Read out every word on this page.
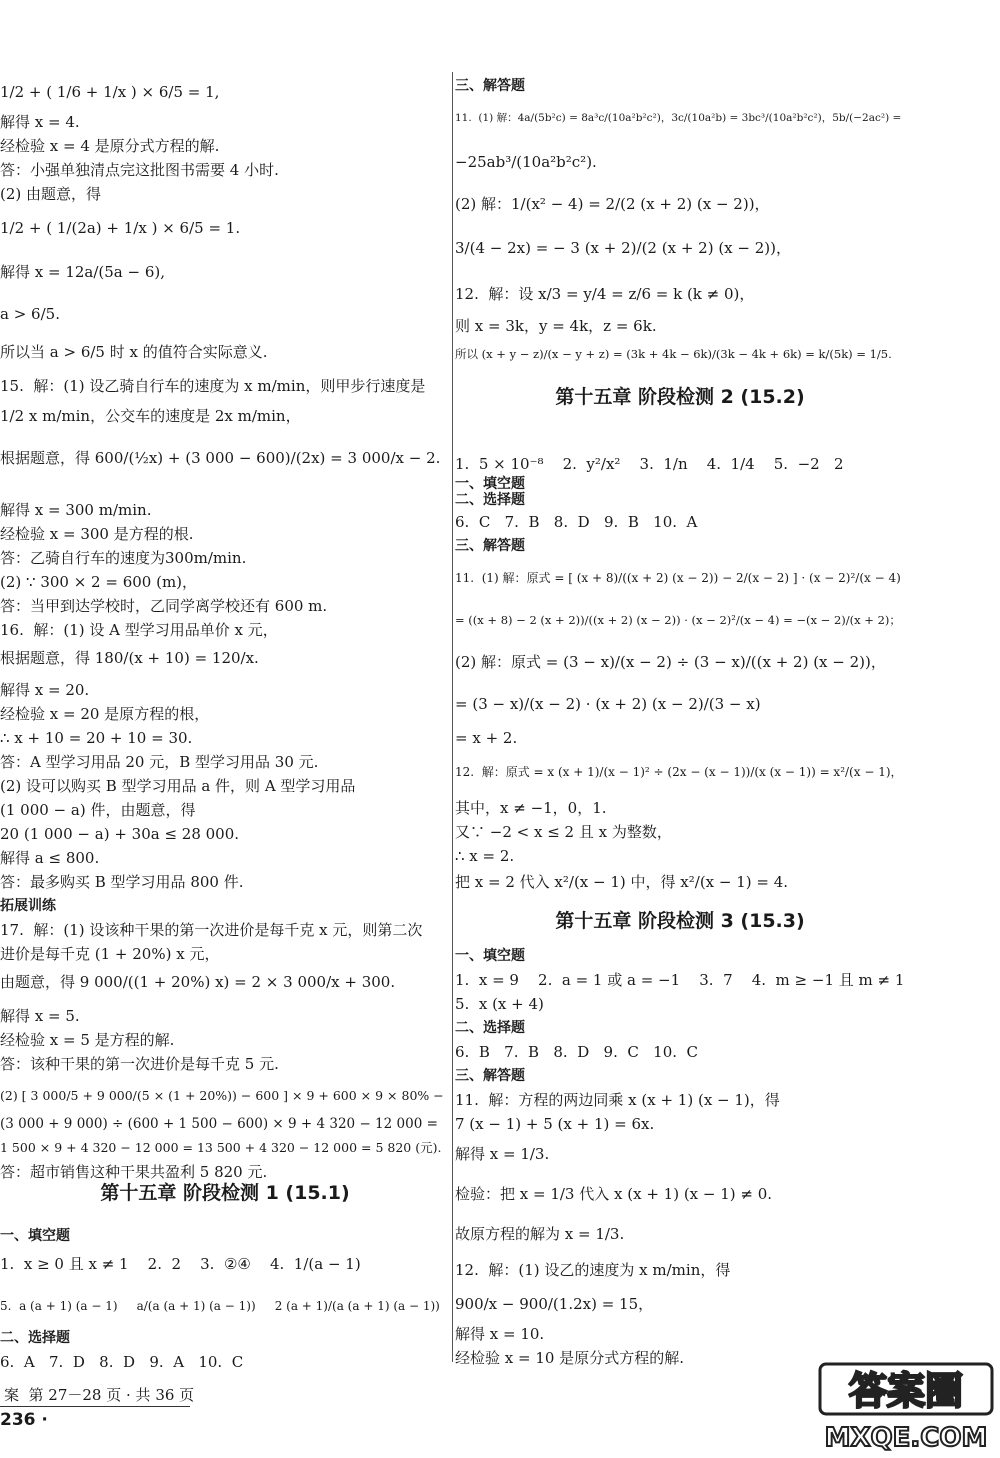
1/2 + ( 1/6 + 1/x ) × 6/5 = 1,
解得 x = 4.
经检验 x = 4 是原分式方程的解.
答：小强单独清点完这批图书需要 4 小时.
(2) 由题意，得
1/2 + ( 1/(2a) + 1/x ) × 6/5 = 1.
解得 x = 12a/(5a − 6),
a > 6/5.
所以当 a > 6/5 时 x 的值符合实际意义.
15.  解：(1) 设乙骑自行车的速度为 x m/min，则甲步行速度是
1/2 x m/min，公交车的速度是 2x m/min，
根据题意，得 600/(½x) + (3 000 − 600)/(2x) = 3 000/x − 2.
解得 x = 300 m/min.
经检验 x = 300 是方程的根.
答：乙骑自行车的速度为300m/min.
(2) ∵ 300 × 2 = 600 (m)，
答：当甲到达学校时，乙同学离学校还有 600 m.
16.  解：(1) 设 A 型学习用品单价 x 元，
根据题意，得 180/(x + 10) = 120/x.
解得 x = 20.
经检验 x = 20 是原方程的根，
∴ x + 10 = 20 + 10 = 30.
答：A 型学习用品 20 元，B 型学习用品 30 元.
(2) 设可以购买 B 型学习用品 a 件，则 A 型学习用品
(1 000 − a) 件，由题意，得
20 (1 000 − a) + 30a ≤ 28 000.
解得 a ≤ 800.
答：最多购买 B 型学习用品 800 件.
拓展训练
17.  解：(1) 设该种干果的第一次进价是每千克 x 元，则第二次
进价是每千克 (1 + 20%) x 元，
由题意，得 9 000/((1 + 20%) x) = 2 × 3 000/x + 300.
解得 x = 5.
经检验 x = 5 是方程的解.
答：该种干果的第一次进价是每千克 5 元.
(2) [ 3 000/5 + 9 000/(5 × (1 + 20%)) − 600 ] × 9 + 600 × 9 × 80% −
(3 000 + 9 000) ÷ (600 + 1 500 − 600) × 9 + 4 320 − 12 000 =
1 500 × 9 + 4 320 − 12 000 = 13 500 + 4 320 − 12 000 = 5 820 (元).
答：超市销售这种干果共盈利 5 820 元.
一、填空题
1.  x ≥ 0 且 x ≠ 1    2.  2    3.  ②④    4.  1/(a − 1)
5.  a (a + 1) (a − 1)     a/(a (a + 1) (a − 1))     2 (a + 1)/(a (a + 1) (a − 1))
二、选择题
6.  A   7.  D   8.  D   9.  A   10.  C
第十五章 阶段检测 1 (15.1)
三、解答题
11.  (1) 解：4a/(5b²c) = 8a³c/(10a²b²c²)，3c/(10a²b) = 3bc³/(10a²b²c²)，5b/(−2ac²) =
−25ab³/(10a²b²c²).
(2) 解：1/(x² − 4) = 2/(2 (x + 2) (x − 2))，
3/(4 − 2x) = − 3 (x + 2)/(2 (x + 2) (x − 2))，
12.  解：设 x/3 = y/4 = z/6 = k (k ≠ 0)，
则 x = 3k，y = 4k，z = 6k.
所以 (x + y − z)/(x − y + z) = (3k + 4k − 6k)/(3k − 4k + 6k) = k/(5k) = 1/5.
一、填空题
1.  5 × 10⁻⁸    2.  y²/x²    3.  1/n    4.  1/4    5.  −2   2
二、选择题
6.  C   7.  B   8.  D   9.  B   10.  A
三、解答题
11.  (1) 解：原式 = [ (x + 8)/((x + 2) (x − 2)) − 2/(x − 2) ] · (x − 2)²/(x − 4)
= ((x + 8) − 2 (x + 2))/((x + 2) (x − 2)) · (x − 2)²/(x − 4) = −(x − 2)/(x + 2)；
(2) 解：原式 = (3 − x)/(x − 2) ÷ (3 − x)/((x + 2) (x − 2))，
= (3 − x)/(x − 2) · (x + 2) (x − 2)/(3 − x)
= x + 2.
12.  解：原式 = x (x + 1)/(x − 1)² ÷ (2x − (x − 1))/(x (x − 1)) = x²/(x − 1)，
其中，x ≠ −1，0，1.
又∵ −2 < x ≤ 2 且 x 为整数，
∴ x = 2.
把 x = 2 代入 x²/(x − 1) 中，得 x²/(x − 1) = 4.
一、填空题
1.  x = 9    2.  a = 1 或 a = −1    3.  7    4.  m ≥ −1 且 m ≠ 1
5.  x (x + 4)
二、选择题
6.  B   7.  B   8.  D   9.  C   10.  C
三、解答题
11.  解：方程的两边同乘 x (x + 1) (x − 1)，得
7 (x − 1) + 5 (x + 1) = 6x.
解得 x = 1/3.
检验：把 x = 1/3 代入 x (x + 1) (x − 1) ≠ 0.
故原方程的解为 x = 1/3.
12.  解：(1) 设乙的速度为 x m/min，得
900/x − 900/(1.2x) = 15，
解得 x = 10.
经检验 x = 10 是原分式方程的解.
第十五章 阶段检测 2 (15.2)
第十五章 阶段检测 3 (15.3)
案  第 27－28 页 · 共 36 页
236 ·
答案圈
MXQE.COM
